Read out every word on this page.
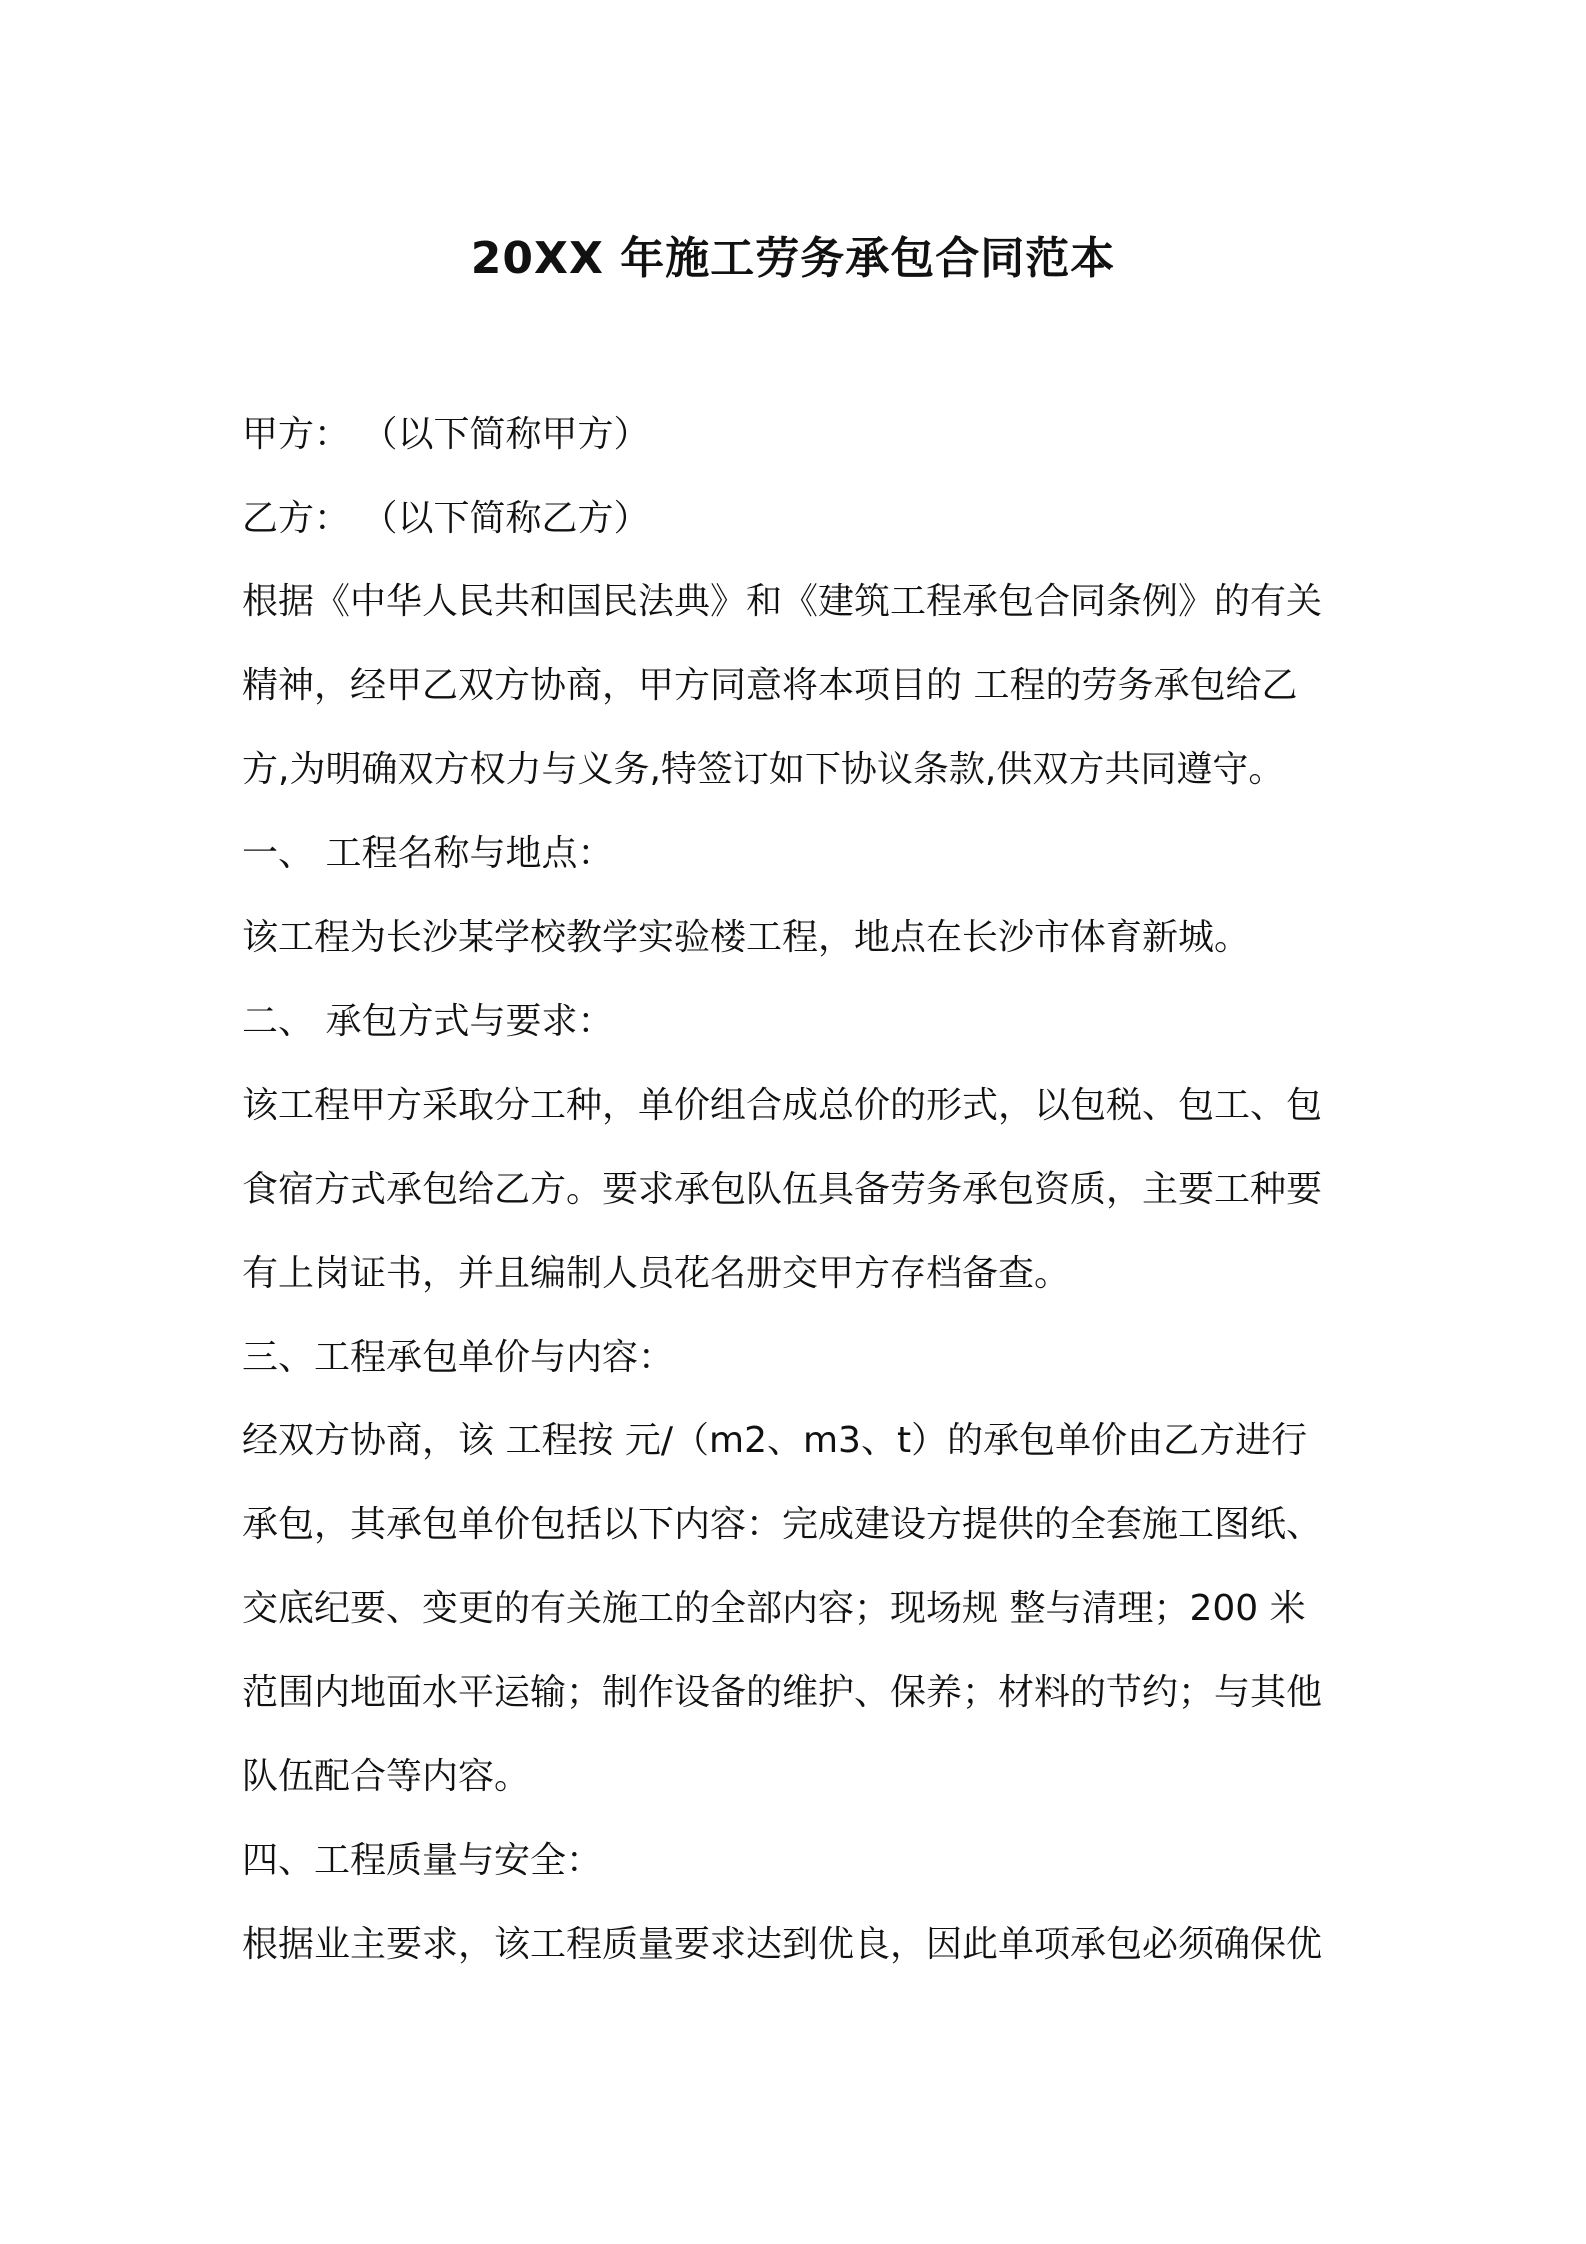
20XX 年施工劳务承包合同范本

甲方： （以下简称甲方）

乙方： （以下简称乙方）

根据《中华人民共和国民法典》和《建筑工程承包合同条例》的有关

精神，经甲乙双方协商，甲方同意将本项目的 工程的劳务承包给乙

方,为明确双方权力与义务,特签订如下协议条款,供双方共同遵守。

一、 工程名称与地点：

该工程为长沙某学校教学实验楼工程，地点在长沙市体育新城。

二、 承包方式与要求：

该工程甲方采取分工种，单价组合成总价的形式，以包税、包工、包

食宿方式承包给乙方。要求承包队伍具备劳务承包资质，主要工种要

有上岗证书，并且编制人员花名册交甲方存档备查。

三、工程承包单价与内容：

经双方协商，该 工程按 元/（m2、m3、t）的承包单价由乙方进行

承包，其承包单价包括以下内容：完成建设方提供的全套施工图纸、

交底纪要、变更的有关施工的全部内容；现场规 整与清理；200 米

范围内地面水平运输；制作设备的维护、保养；材料的节约；与其他

队伍配合等内容。

四、工程质量与安全：

根据业主要求，该工程质量要求达到优良，因此单项承包必须确保优
